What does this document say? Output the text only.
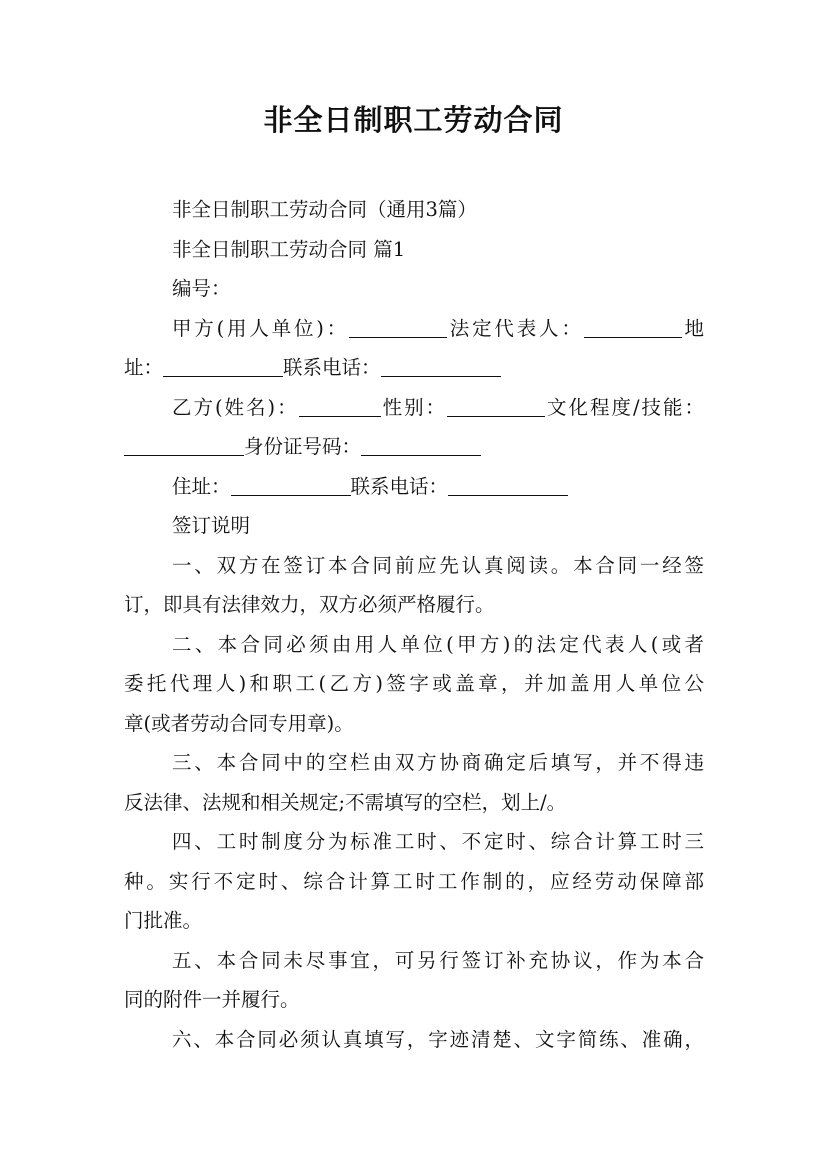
非全日制职工劳动合同
非全日制职工劳动合同（通用3篇）
非全日制职工劳动合同 篇1
编号：
甲方(用人单位)：	法定代表人：	地
址：	联系电话：
乙方(姓名)：	性别：	文化程度/技能：
身份证号码：
住址：	联系电话：
签订说明
一、双方在签订本合同前应先认真阅读。本合同一经签
订，即具有法律效力，双方必须严格履行。
二、本合同必须由用人单位(甲方)的法定代表人(或者
委托代理人)和职工(乙方)签字或盖章，并加盖用人单位公
章(或者劳动合同专用章)。
三、本合同中的空栏由双方协商确定后填写，并不得违
反法律、法规和相关规定;不需填写的空栏，划上/。
四、工时制度分为标准工时、不定时、综合计算工时三
种。实行不定时、综合计算工时工作制的，应经劳动保障部
门批准。
五、本合同未尽事宜，可另行签订补充协议，作为本合
同的附件一并履行。
六、本合同必须认真填写，字迹清楚、文字简练、准确，
